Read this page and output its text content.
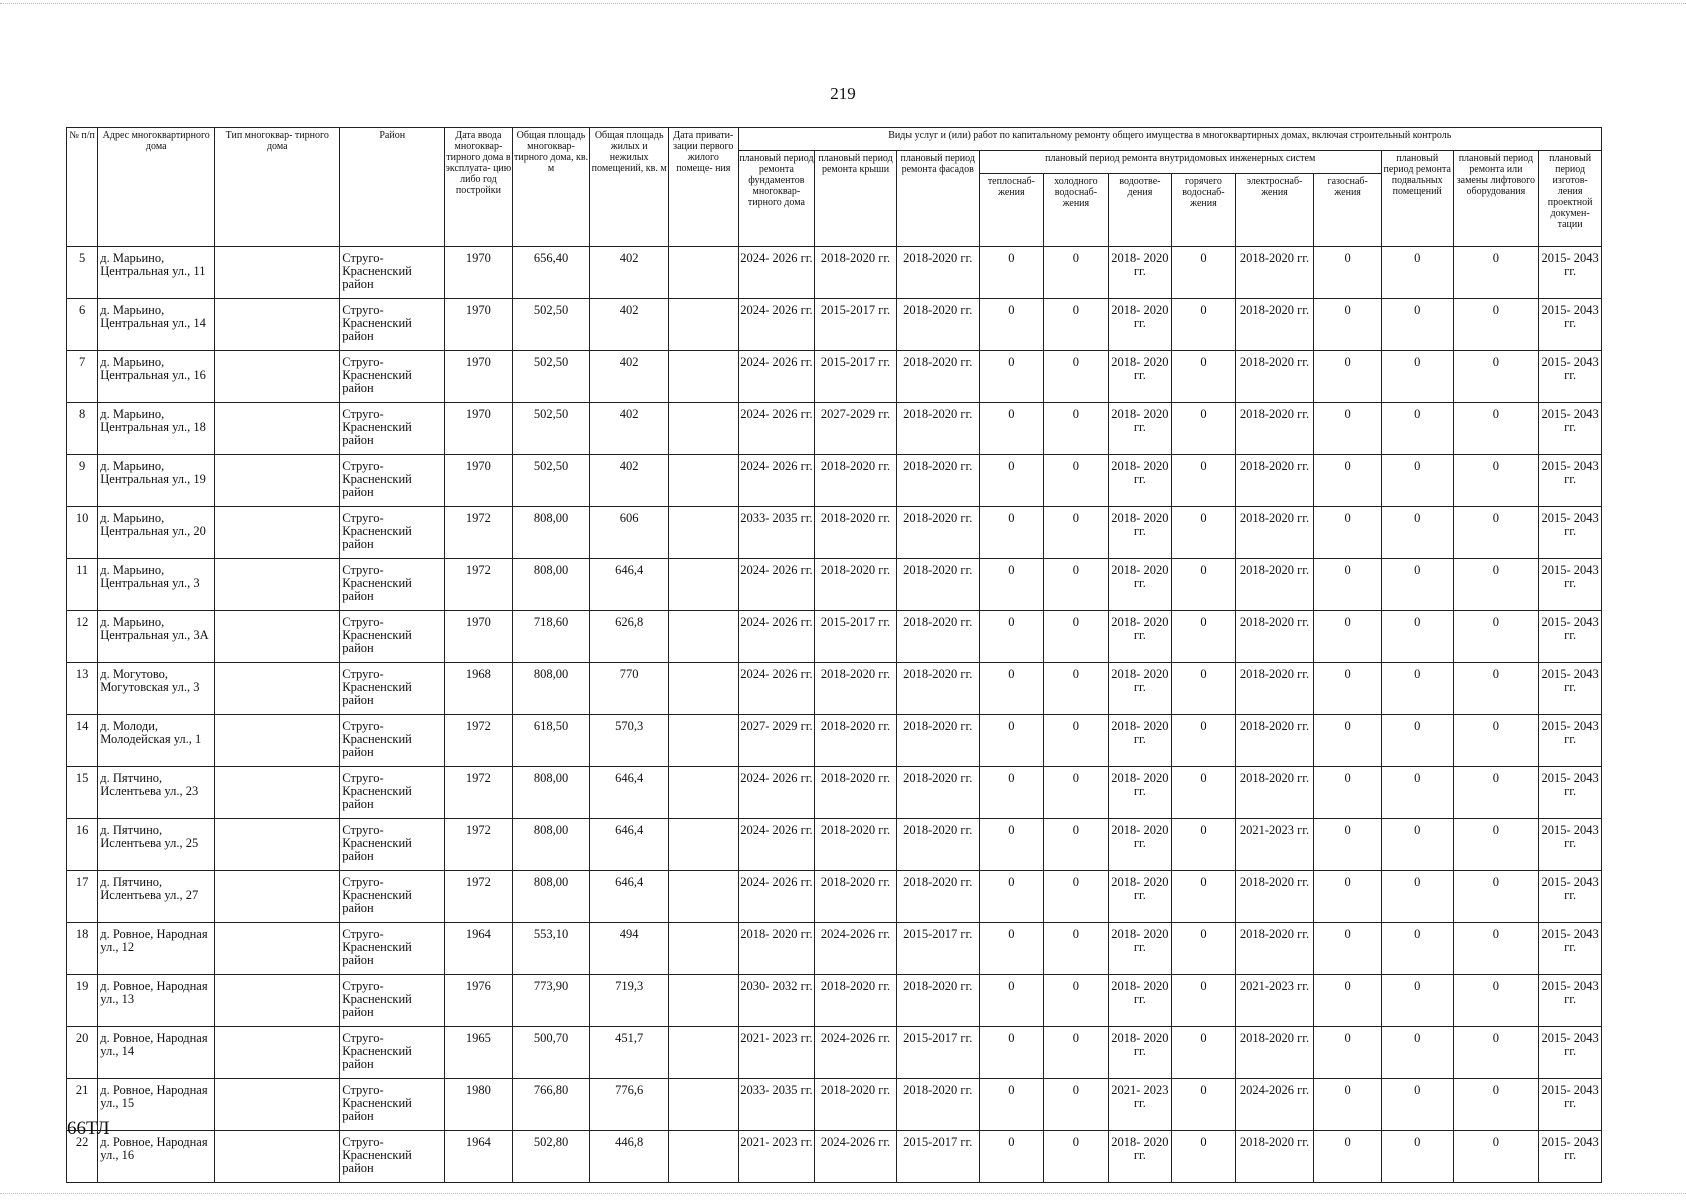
219
№ п/п	Адрес многоквартирного дома	Тип многоквар- тирного дома	Район	Дата ввода многоквар- тирного дома в эксплуата- цию либо год постройки	Общая площадь многоквар- тирного дома, кв. м	Общая площадь жилых и нежилых помещений, кв. м	Дата привати- зации первого жилого помеще- ния	Виды услуг и (или) работ по капитальному ремонту общего имущества в многоквартирных домах, включая строительный контроль											
								плановый период ремонта фундаментов многоквар- тирного дома	плановый период ремонта крыши	плановый период ремонта фасадов	плановый период ремонта внутридомовых инженерных систем						плановый период ремонта подвальных помещений	плановый период ремонта или замены лифтового оборудования	плановый период изготов- ления проектной докумен- тации
											теплоснаб- жения	холодного водоснаб- жения	водоотве- дения	горячего водоснаб- жения	электроснаб- жения	газоснаб- жения			
5	д. Марьино, Центральная ул., 11		Струго- Красненский район	1970	656,40	402		2024- 2026 гг.	2018-2020 гг.	2018-2020 гг.	0	0	2018- 2020 гг.	0	2018-2020 гг.	0	0	0	2015- 2043 гг.
6	д. Марьино, Центральная ул., 14		Струго- Красненский район	1970	502,50	402		2024- 2026 гг.	2015-2017 гг.	2018-2020 гг.	0	0	2018- 2020 гг.	0	2018-2020 гг.	0	0	0	2015- 2043 гг.
7	д. Марьино, Центральная ул., 16		Струго- Красненский район	1970	502,50	402		2024- 2026 гг.	2015-2017 гг.	2018-2020 гг.	0	0	2018- 2020 гг.	0	2018-2020 гг.	0	0	0	2015- 2043 гг.
8	д. Марьино, Центральная ул., 18		Струго- Красненский район	1970	502,50	402		2024- 2026 гг.	2027-2029 гг.	2018-2020 гг.	0	0	2018- 2020 гг.	0	2018-2020 гг.	0	0	0	2015- 2043 гг.
9	д. Марьино, Центральная ул., 19		Струго- Красненский район	1970	502,50	402		2024- 2026 гг.	2018-2020 гг.	2018-2020 гг.	0	0	2018- 2020 гг.	0	2018-2020 гг.	0	0	0	2015- 2043 гг.
10	д. Марьино, Центральная ул., 20		Струго- Красненский район	1972	808,00	606		2033- 2035 гг.	2018-2020 гг.	2018-2020 гг.	0	0	2018- 2020 гг.	0	2018-2020 гг.	0	0	0	2015- 2043 гг.
11	д. Марьино, Центральная ул., 3		Струго- Красненский район	1972	808,00	646,4		2024- 2026 гг.	2018-2020 гг.	2018-2020 гг.	0	0	2018- 2020 гг.	0	2018-2020 гг.	0	0	0	2015- 2043 гг.
12	д. Марьино, Центральная ул., 3А		Струго- Красненский район	1970	718,60	626,8		2024- 2026 гг.	2015-2017 гг.	2018-2020 гг.	0	0	2018- 2020 гг.	0	2018-2020 гг.	0	0	0	2015- 2043 гг.
13	д. Могутово, Могутовская ул., 3		Струго- Красненский район	1968	808,00	770		2024- 2026 гг.	2018-2020 гг.	2018-2020 гг.	0	0	2018- 2020 гг.	0	2018-2020 гг.	0	0	0	2015- 2043 гг.
14	д. Молоди, Молодейская ул., 1		Струго- Красненский район	1972	618,50	570,3		2027- 2029 гг.	2018-2020 гг.	2018-2020 гг.	0	0	2018- 2020 гг.	0	2018-2020 гг.	0	0	0	2015- 2043 гг.
15	д. Пятчино, Ислентьева ул., 23		Струго- Красненский район	1972	808,00	646,4		2024- 2026 гг.	2018-2020 гг.	2018-2020 гг.	0	0	2018- 2020 гг.	0	2018-2020 гг.	0	0	0	2015- 2043 гг.
16	д. Пятчино, Ислентьева ул., 25		Струго- Красненский район	1972	808,00	646,4		2024- 2026 гг.	2018-2020 гг.	2018-2020 гг.	0	0	2018- 2020 гг.	0	2021-2023 гг.	0	0	0	2015- 2043 гг.
17	д. Пятчино, Ислентьева ул., 27		Струго- Красненский район	1972	808,00	646,4		2024- 2026 гг.	2018-2020 гг.	2018-2020 гг.	0	0	2018- 2020 гг.	0	2018-2020 гг.	0	0	0	2015- 2043 гг.
18	д. Ровное, Народная ул., 12		Струго- Красненский район	1964	553,10	494		2018- 2020 гг.	2024-2026 гг.	2015-2017 гг.	0	0	2018- 2020 гг.	0	2018-2020 гг.	0	0	0	2015- 2043 гг.
19	д. Ровное, Народная ул., 13		Струго- Красненский район	1976	773,90	719,3		2030- 2032 гг.	2018-2020 гг.	2018-2020 гг.	0	0	2018- 2020 гг.	0	2021-2023 гг.	0	0	0	2015- 2043 гг.
20	д. Ровное, Народная ул., 14		Струго- Красненский район	1965	500,70	451,7		2021- 2023 гг.	2024-2026 гг.	2015-2017 гг.	0	0	2018- 2020 гг.	0	2018-2020 гг.	0	0	0	2015- 2043 гг.
21	д. Ровное, Народная ул., 15		Струго- Красненский район	1980	766,80	776,6		2033- 2035 гг.	2018-2020 гг.	2018-2020 гг.	0	0	2021- 2023 гг.	0	2024-2026 гг.	0	0	0	2015- 2043 гг.
22	д. Ровное, Народная ул., 16		Струго- Красненский район	1964	502,80	446,8		2021- 2023 гг.	2024-2026 гг.	2015-2017 гг.	0	0	2018- 2020 гг.	0	2018-2020 гг.	0	0	0	2015- 2043 гг.
66ТЛ
